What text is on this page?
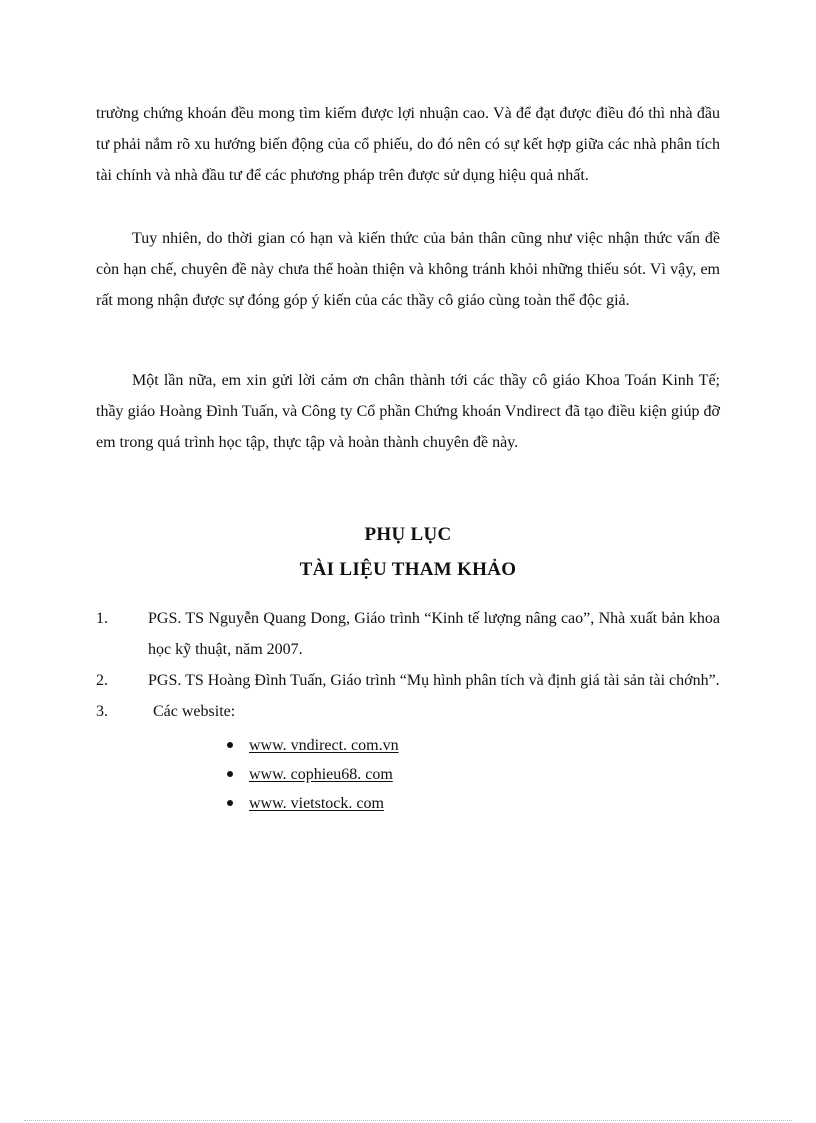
trường chứng khoán đều mong tìm kiếm được lợi nhuận cao. Và để đạt được điều đó thì nhà đầu tư phải nắm rõ xu hướng biến động của cổ phiếu, do đó nên có sự kết hợp giữa các nhà phân tích tài chính và nhà đầu tư để các phương pháp trên được sử dụng hiệu quả nhất.

Tuy nhiên, do thời gian có hạn và kiến thức của bản thân cũng như việc nhận thức vấn đề còn hạn chế, chuyên đề này chưa thể hoàn thiện và không tránh khỏi những thiếu sót. Vì vậy, em rất mong nhận được sự đóng góp ý kiến của các thầy cô giáo cùng toàn thể độc giả.

Một lần nữa, em xin gửi lời cảm ơn chân thành tới các thầy cô giáo Khoa Toán Kinh Tế; thầy giáo Hoàng Đình Tuấn, và Công ty Cổ phần Chứng khoán Vndirect đã tạo điều kiện giúp đỡ em trong quá trình học tập, thực tập và hoàn thành chuyên đề này.

PHỤ LỤC
TÀI LIỆU THAM KHẢO
1.	PGS. TS Nguyễn Quang Dong, Giáo trình “Kinh tế lượng nâng cao”, Nhà xuất bản khoa học kỹ thuật, năm 2007.
2.	PGS. TS Hoàng Đình Tuấn, Giáo trình “Mụ hình phân tích và định giá tài sản tài chớnh”.
3.	Các website:
www. vndirect. com.vn
www. cophieu68. com
www. vietstock. com
